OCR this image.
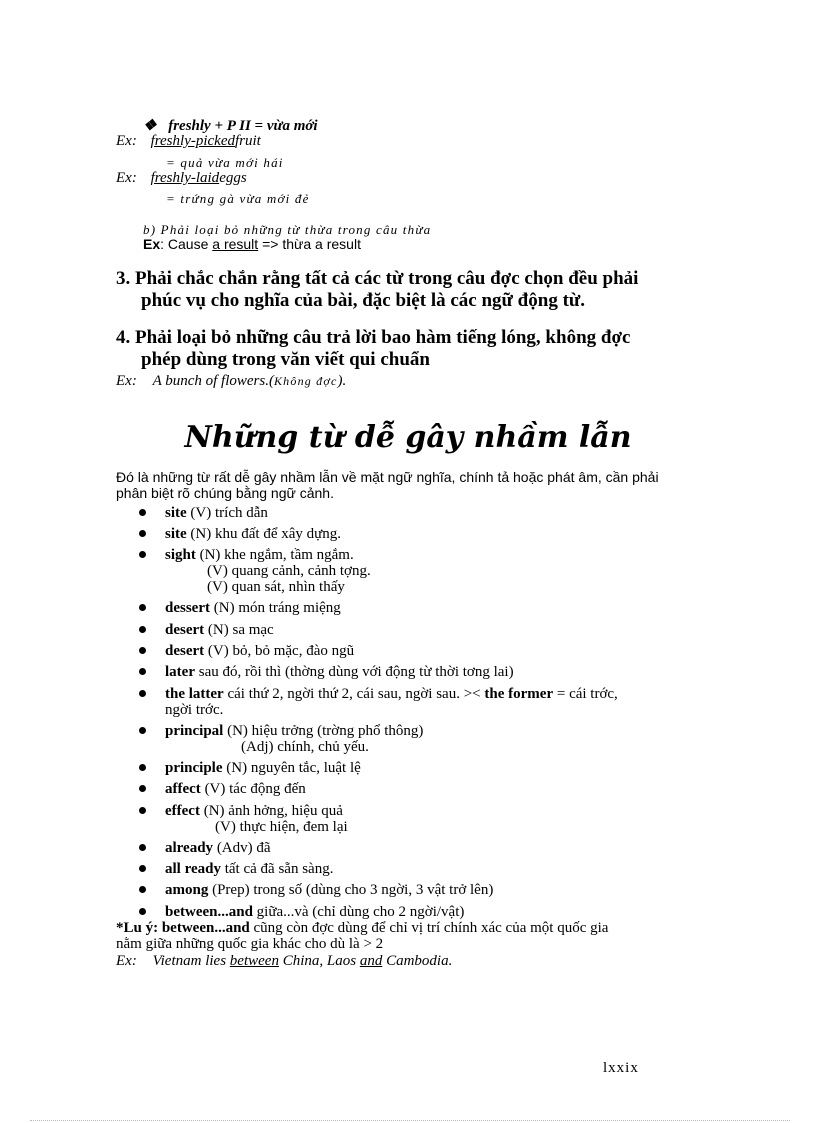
❖ freshly + P II = vừa mới
Ex: freshly-pickedfruit
= quả vừa mới hái
Ex: freshly-laideggs
= trứng gà vừa mới đẻ
b) Phải loại bỏ những từ thừa trong câu thừa
Ex: Cause a result => thừa a result
3. Phải chắc chắn rằng tất cả các từ trong câu đợc chọn đều phải
phúc vụ cho nghĩa của bài, đặc biệt là các ngữ động từ.
4. Phải loại bỏ những câu trả lời bao hàm tiếng lóng, không đợc
phép dùng trong văn viết qui chuẩn
Ex: A bunch of flowers.(Không đợc).
Những từ dễ gây nhầm lẫn
Đó là những từ rất dễ gây nhầm lẫn về mặt ngữ nghĩa, chính tả hoặc phát âm, cần phải
phân biệt rõ chúng bằng ngữ cảnh.
site (V) trích dẫn
site (N) khu đất để xây dựng.
sight (N) khe ngắm, tầm ngắm.
(V) quang cảnh, cảnh tợng.
(V) quan sát, nhìn thấy
dessert (N) món tráng miệng
desert (N) sa mạc
desert (V) bỏ, bỏ mặc, đào ngũ
later sau đó, rồi thì (thờng dùng với động từ thời tơng lai)
the latter cái thứ 2, ngời thứ 2, cái sau, ngời sau. >< the former = cái trớc,
ngời trớc.
principal (N) hiệu trởng (trờng phổ thông)
(Adj) chính, chủ yếu.
principle (N) nguyên tắc, luật lệ
affect (V) tác động đến
effect (N) ảnh hởng, hiệu quả
(V) thực hiện, đem lại
already (Adv) đã
all ready tất cả đã sẵn sàng.
among (Prep) trong số (dùng cho 3 ngời, 3 vật trở lên)
between...and giữa...và (chỉ dùng cho 2 ngời/vật)
*Lu ý: between...and cũng còn đợc dùng để chỉ vị trí chính xác của một quốc gia
nằm giữa những quốc gia khác cho dù là > 2
Ex: Vietnam lies between China, Laos and Cambodia.
lxxix
